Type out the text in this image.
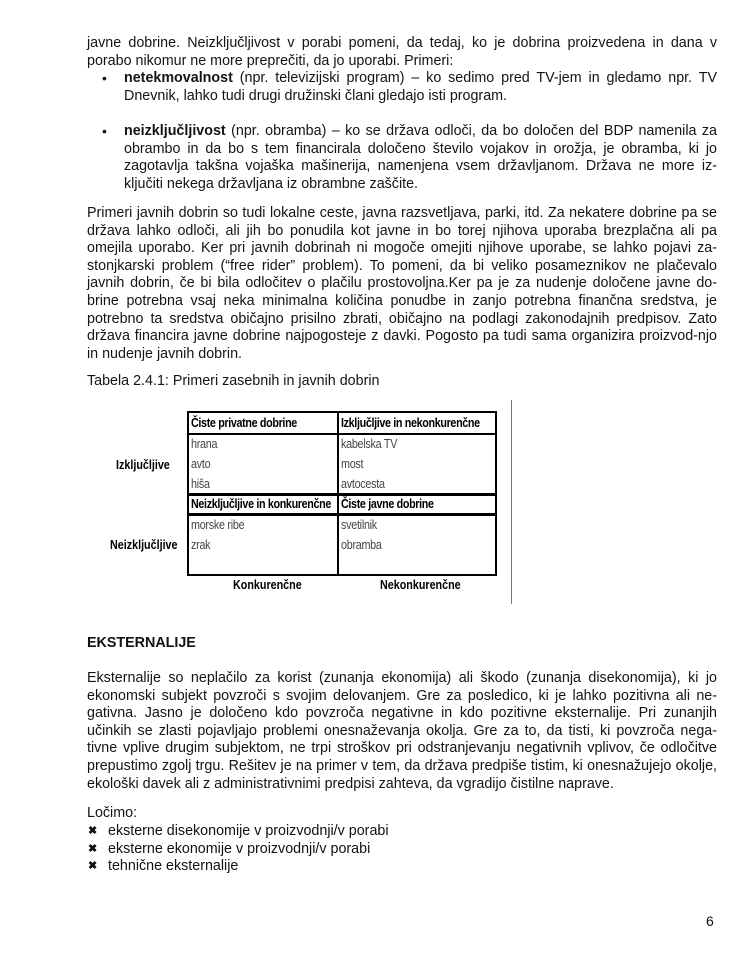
javne dobrine. Neizključljivost v porabi pomeni, da tedaj, ko je dobrina proizvedena in dana v porabo nikomur ne more preprečiti, da jo uporabi. Primeri:

• netekmovalnost (npr. televizijski program) – ko sedimo pred TV-jem in gledamo npr. TV Dnevnik, lahko tudi drugi družinski člani gledajo isti program.
• neizključljivost (npr. obramba) – ko se država odloči, da bo določen del BDP namenila za obrambo in da bo s tem financirala določeno število vojakov in orožja, je obramba, ki jo zagotavlja takšna vojaška mašinerija, namenjena vsem državljanom. Država ne more iz-ključiti nekega državljana iz obrambne zaščite.

Primeri javnih dobrin so tudi lokalne ceste, javna razsvetljava, parki, itd. Za nekatere dobrine pa se država lahko odloči, ali jih bo ponudila kot javne in bo torej njihova uporaba brezplačna ali pa omejila uporabo. Ker pri javnih dobrinah ni mogoče omejiti njihove uporabe, se lahko pojavi za-stonjkarski problem (“free rider” problem). To pomeni, da bi veliko posameznikov ne plačevalo javnih dobrin, če bi bila odločitev o plačilu prostovoljna.Ker pa je za nudenje določene javne do-brine potrebna vsaj neka minimalna količina ponudbe in zanjo potrebna finančna sredstva, je potrebno ta sredstva običajno prisilno zbrati, običajno na podlagi zakonodajnih predpisov. Zato država financira javne dobrine najpogosteje z davki. Pogosto pa tudi sama organizira proizvod-njo in nudenje javnih dobrin.

Tabela 2.4.1: Primeri zasebnih in javnih dobrin
Izključljive
Neizključljive
Čiste privatne dobrine
hrana
avto
hiša
Izključljive in nekonkurenčne
kabelska TV
most
avtocesta
Neizključljive in konkurenčne
morske ribe
zrak
Čiste javne dobrine
svetilnik
obramba
Konkurenčne	Nekonkurenčne
EKSTERNALIJE

Eksternalije so neplačilo za korist (zunanja ekonomija) ali škodo (zunanja disekonomija), ki jo ekonomski subjekt povzroči s svojim delovanjem. Gre za posledico, ki je lahko pozitivna ali ne-gativna. Jasno je določeno kdo povzroča negativne in kdo pozitivne eksternalije. Pri zunanjih učinkih se zlasti pojavljajo problemi onesnaževanja okolja. Gre za to, da tisti, ki povzroča nega-tivne vplive drugim subjektom, ne trpi stroškov pri odstranjevanju negativnih vplivov, če odločitve prepustimo zgolj trgu. Rešitev je na primer v tem, da država predpiše tistim, ki onesnažujejo okolje, ekološki davek ali z administrativnimi predpisi zahteva, da vgradijo čistilne naprave.

Ločimo:

✖ eksterne disekonomije v proizvodnji/v porabi
✖ eksterne ekonomije v proizvodnji/v porabi
✖ tehnične eksternalije
6
